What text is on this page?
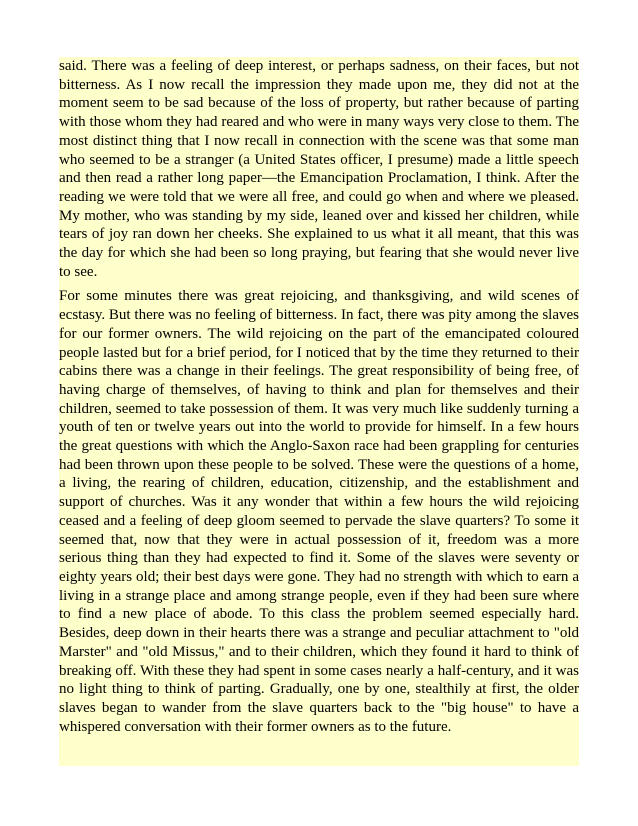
said. There was a feeling of deep interest, or perhaps sadness, on their faces, but not bitterness. As I now recall the impression they made upon me, they did not at the moment seem to be sad because of the loss of property, but rather because of parting with those whom they had reared and who were in many ways very close to them. The most distinct thing that I now recall in connection with the scene was that some man who seemed to be a stranger (a United States officer, I presume) made a little speech and then read a rather long paper—the Emancipation Proclamation, I think. After the reading we were told that we were all free, and could go when and where we pleased. My mother, who was standing by my side, leaned over and kissed her children, while tears of joy ran down her cheeks. She explained to us what it all meant, that this was the day for which she had been so long praying, but fearing that she would never live to see.

For some minutes there was great rejoicing, and thanksgiving, and wild scenes of ecstasy. But there was no feeling of bitterness. In fact, there was pity among the slaves for our former owners. The wild rejoicing on the part of the emancipated coloured people lasted but for a brief period, for I noticed that by the time they returned to their cabins there was a change in their feelings. The great responsibility of being free, of having charge of themselves, of having to think and plan for themselves and their children, seemed to take possession of them. It was very much like suddenly turning a youth of ten or twelve years out into the world to provide for himself. In a few hours the great questions with which the Anglo-Saxon race had been grappling for centuries had been thrown upon these people to be solved. These were the questions of a home, a living, the rearing of children, education, citizenship, and the establishment and support of churches. Was it any wonder that within a few hours the wild rejoicing ceased and a feeling of deep gloom seemed to pervade the slave quarters? To some it seemed that, now that they were in actual possession of it, freedom was a more serious thing than they had expected to find it. Some of the slaves were seventy or eighty years old; their best days were gone. They had no strength with which to earn a living in a strange place and among strange people, even if they had been sure where to find a new place of abode. To this class the problem seemed especially hard. Besides, deep down in their hearts there was a strange and peculiar attachment to "old Marster" and "old Missus," and to their children, which they found it hard to think of breaking off. With these they had spent in some cases nearly a half-century, and it was no light thing to think of parting. Gradually, one by one, stealthily at first, the older slaves began to wander from the slave quarters back to the "big house" to have a whispered conversation with their former owners as to the future.
